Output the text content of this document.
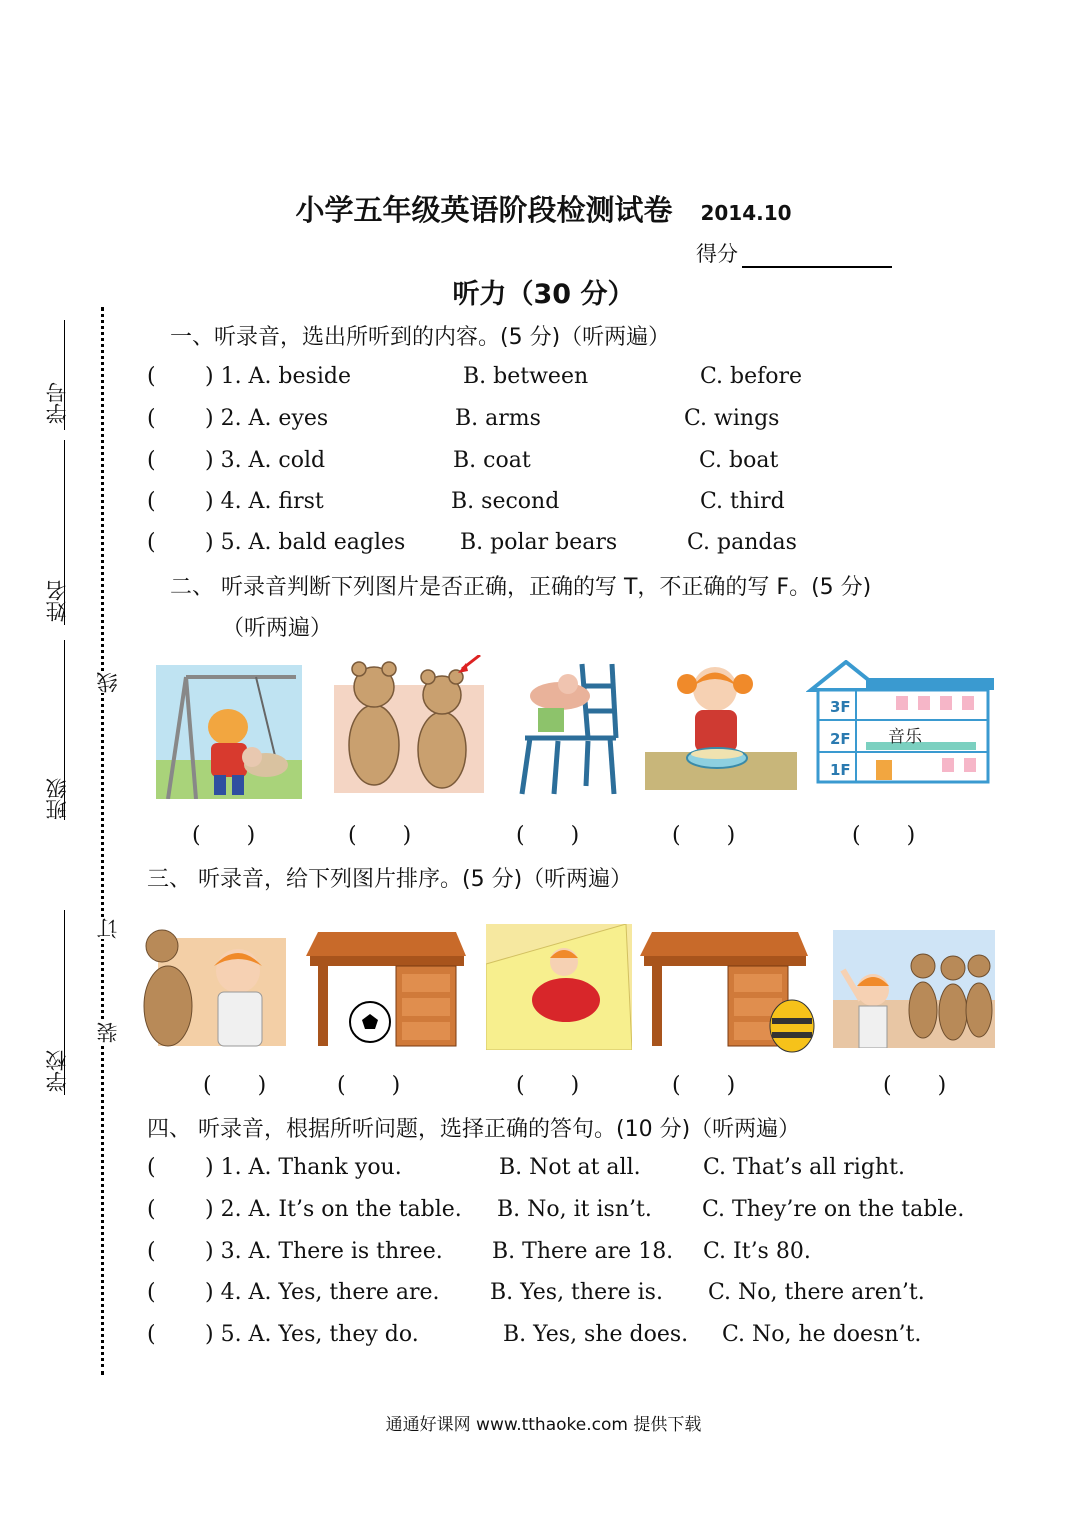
小学五年级英语阶段检测试卷 2014.10
得分
听力（30 分）
学号
姓名
班级
学校
线
订
装
一、听录音，选出所听到的内容。(5 分)（听两遍）
( ) 1. A. beside	B. between	C. before
( ) 2. A. eyes	B. arms	C. wings
( ) 3. A. cold	B. coat	C. boat
( ) 4. A. first	B. second	C. third
( ) 5. A. bald eagles B. polar bears	C. pandas
二、 听录音判断下列图片是否正确，正确的写 T，不正确的写 F。(5 分)
（听两遍）
3F
2F
1F
音乐
( )	( )	( )	( )	( )
三、 听录音，给下列图片排序。(5 分)（听两遍）
( )	( )	( )	( )	( )
四、 听录音，根据所听问题，选择正确的答句。(10 分)（听两遍）
( ) 1. A. Thank you.	B. Not at all.	C. That’s all right.
( ) 2. A. It’s on the table. B. No, it isn’t. C. They’re on the table.
( ) 3. A. There is three. B. There are 18. C. It’s 80.
( ) 4. A. Yes, there are. B. Yes, there is. C. No, there aren’t.
( ) 5. A. Yes, they do.	B. Yes, she does. C. No, he doesn’t.
通通好课网 www.tthaoke.com 提供下载
